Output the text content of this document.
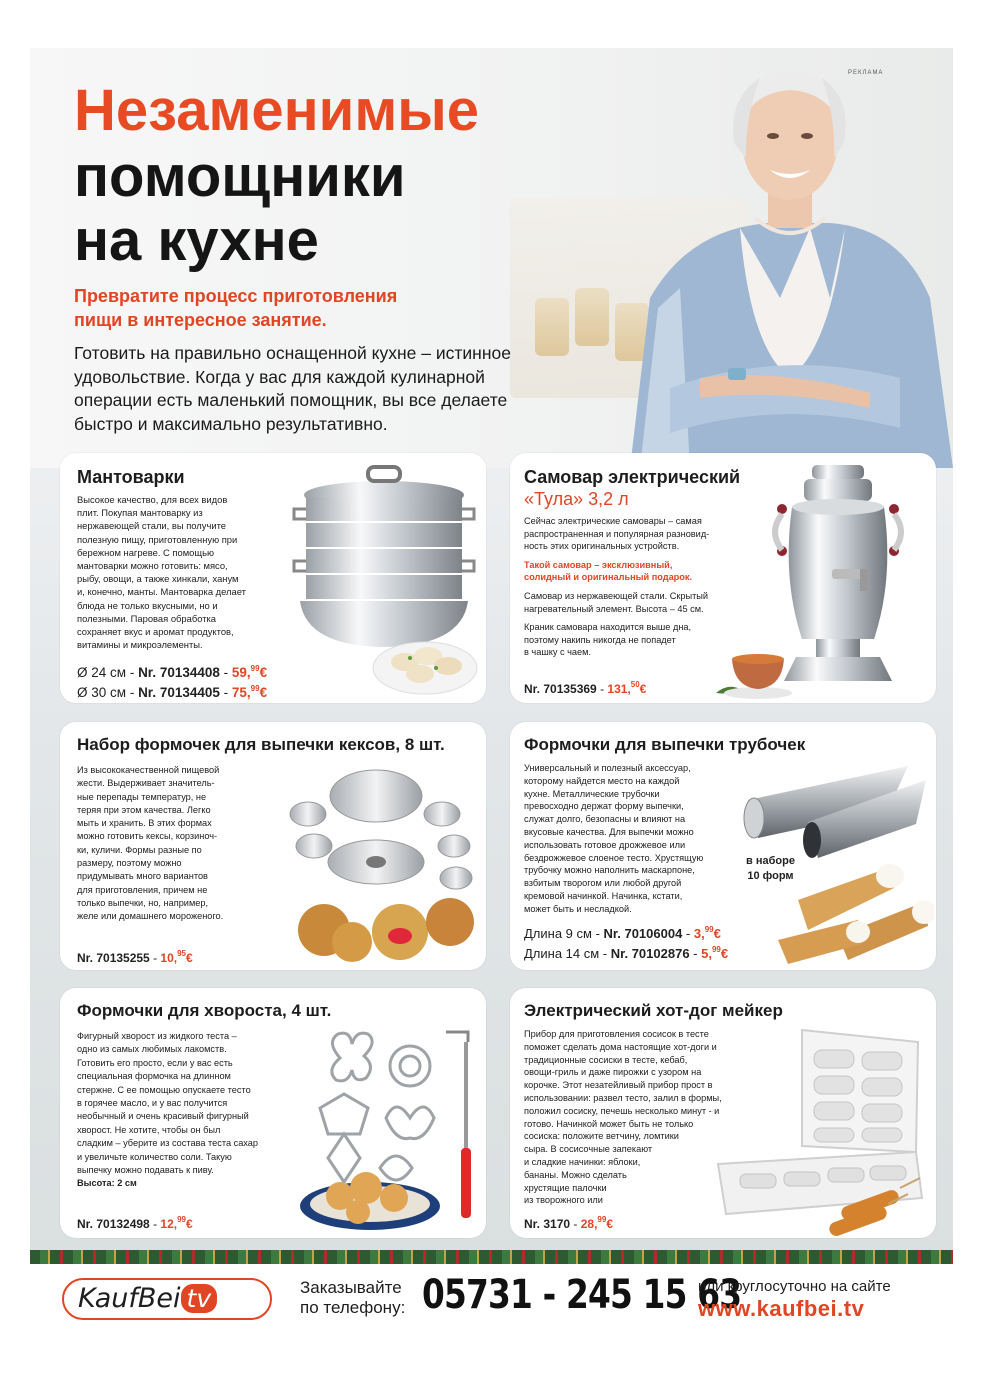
РЕКЛАМА
Незаменимые
помощники
на кухне
Превратите процесс приготовления
пищи в интересное занятие.
Готовить на правильно оснащенной кухне – истинное
удовольствие. Когда у вас для каждой кулинарной
операции есть маленький помощник, вы все делаете
быстро и максимально результативно.
Мантоварки
Высокое качество, для всех видов
плит. Покупая мантоварку из
нержавеющей стали, вы получите
полезную пищу, приготовленную при
бережном нагреве. С помощью
мантоварки можно готовить: мясо,
рыбу, овощи, а также хинкали, ханум
и, конечно, манты. Мантоварка делает
блюда не только вкусными, но и
полезными. Паровая обработка
сохраняет вкус и аромат продуктов,
витамины и микроэлементы.
Ø 24 см - Nr. 70134408 - 59,99€
Ø 30 см - Nr. 70134405 - 75,99€
Самовар электрический
«Тула» 3,2 л

Сейчас электрические самовары – самая
распространенная и популярная разновид-
ность этих оригинальных устройств.

Такой самовар – эксклюзивный,
солидный и оригинальный подарок.

Самовар из нержавеющей стали. Скрытый
нагревательный элемент. Высота – 45 см.

Краник самовара находится выше дна,
поэтому накипь никогда не попадет
в чашку с чаем.

Nr. 70135369 - 131,50€
Набор формочек для выпечки кексов, 8 шт.
Из высококачественной пищевой
жести. Выдерживает значитель-
ные перепады температур, не
теряя при этом качества. Легко
мыть и хранить. В этих формах
можно готовить кексы, корзиноч-
ки, куличи. Формы разные по
размеру, поэтому можно
придумывать много вариантов
для приготовления, причем не
только выпечки, но, например,
желе или домашнего мороженого.
Nr. 70135255 - 10,95€
Формочки для выпечки трубочек
Универсальный и полезный аксессуар,
которому найдется место на каждой
кухне. Металлические трубочки
превосходно держат форму выпечки,
служат долго, безопасны и влияют на
вкусовые качества. Для выпечки можно
использовать готовое дрожжевое или
бездрожжевое слоеное тесто. Хрустящую
трубочку можно наполнить маскарпоне,
взбитым творогом или любой другой
кремовой начинкой. Начинка, кстати,
может быть и несладкой.
в наборе
10 форм
Длина 9 см - Nr. 70106004 - 3,99€
Длина 14 см - Nr. 70102876 - 5,99€
Формочки для хвороста, 4 шт.
Фигурный хворост из жидкого теста –
одно из самых любимых лакомств.
Готовить его просто, если у вас есть
специальная формочка на длинном
стержне. С ее помощью опускаете тесто
в горячее масло, и у вас получится
необычный и очень красивый фигурный
хворост. Не хотите, чтобы он был
сладким – уберите из состава теста сахар
и увеличьте количество соли. Такую
выпечку можно подавать к пиву.
Высота: 2 см
Nr. 70132498 - 12,99€
Электрический хот-дог мейкер
Прибор для приготовления сосисок в тесте
поможет сделать дома настоящие хот-доги и
традиционные сосиски в тесте, кебаб,
овощи-гриль и даже пирожки с узором на
корочке. Этот незатейливый прибор прост в
использовании: развел тесто, залил в формы,
положил сосиску, печешь несколько минут - и
готово. Начинкой может быть не только
сосиска: положите ветчину, ломтики
сыра. В сосисочные запекают
и сладкие начинки: яблоки,
бананы. Можно сделать
хрустящие палочки
из творожного или
Nr. 3170 - 28,99€
KaufBei tv	Заказывайте
по телефону: 05731 - 245 15 63
или круглосуточно на сайте
www.kaufbei.tv
